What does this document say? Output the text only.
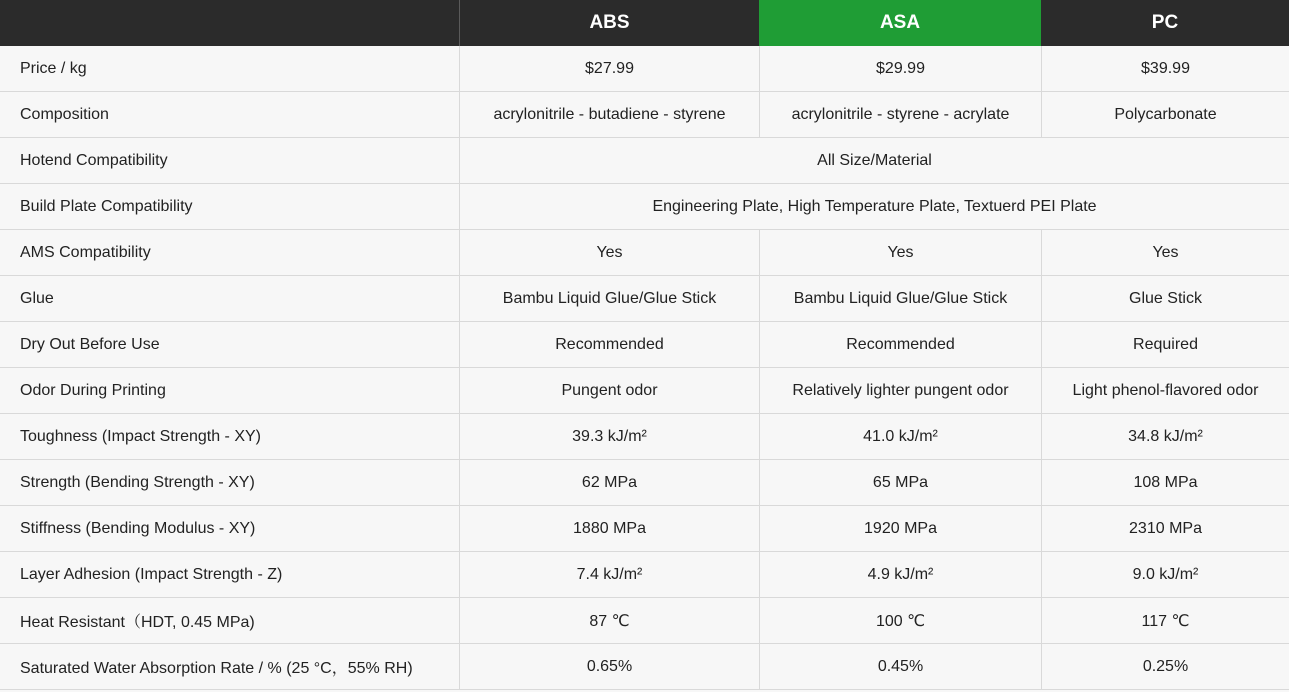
ABS	ASA	PC
Price / kg	$27.99	$29.99	$39.99
Composition	acrylonitrile - butadiene - styrene	acrylonitrile - styrene - acrylate	Polycarbonate
Hotend Compatibility	All Size/Material
Build Plate Compatibility	Engineering Plate, High Temperature Plate, Textuerd PEI Plate
AMS Compatibility	Yes	Yes	Yes
Glue	Bambu Liquid Glue/Glue Stick	Bambu Liquid Glue/Glue Stick	Glue Stick
Dry Out Before Use	Recommended	Recommended	Required
Odor During Printing	Pungent odor	Relatively lighter pungent odor	Light phenol-flavored odor
Toughness (Impact Strength - XY)	39.3 kJ/m²	41.0 kJ/m²	34.8 kJ/m²
Strength (Bending Strength - XY)	62 MPa	65 MPa	108 MPa
Stiffness (Bending Modulus - XY)	1880 MPa	1920 MPa	2310 MPa
Layer Adhesion (Impact Strength - Z)	7.4 kJ/m²	4.9 kJ/m²	9.0 kJ/m²
Heat Resistant（HDT, 0.45 MPa)	87 ℃	100 ℃	117 ℃
Saturated Water Absorption Rate / % (25 °C，55% RH)	0.65%	0.45%	0.25%
